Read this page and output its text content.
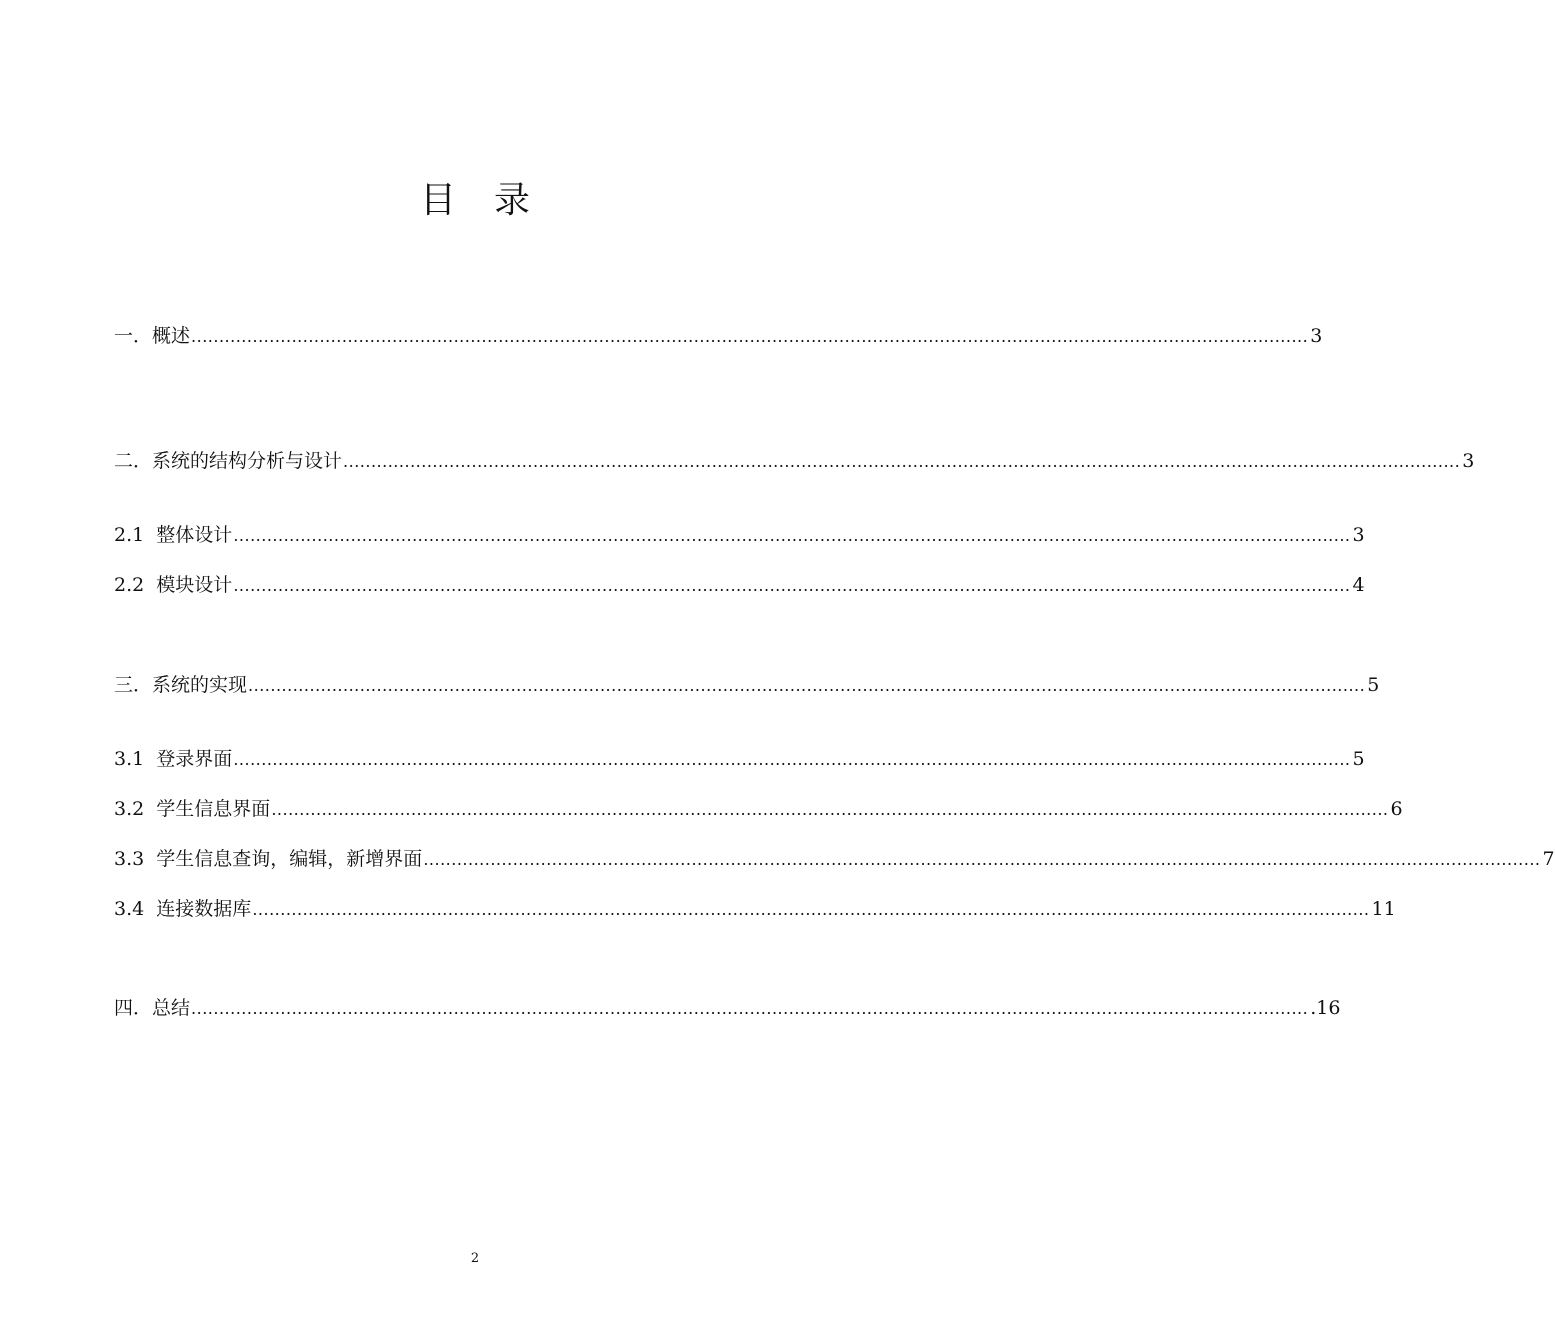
目 录
一． 概述 ........................................................................................................................................................................................................ 3
二． 系统的结构分析与设计 ........................................................................................................................................................................................................ 3
2.1 整体设计 ........................................................................................................................................................................................................ 3
2.2 模块设计 ........................................................................................................................................................................................................ 4
三． 系统的实现 ........................................................................................................................................................................................................ 5
3.1 登录界面 ........................................................................................................................................................................................................ 5
3.2 学生信息界面 ........................................................................................................................................................................................................ 6
3.3 学生信息查询，编辑，新增界面 ........................................................................................................................................................................................................ 7
3.4 连接数据库 ........................................................................................................................................................................................................ 11
四． 总结 ........................................................................................................................................................................................................ .16
2
